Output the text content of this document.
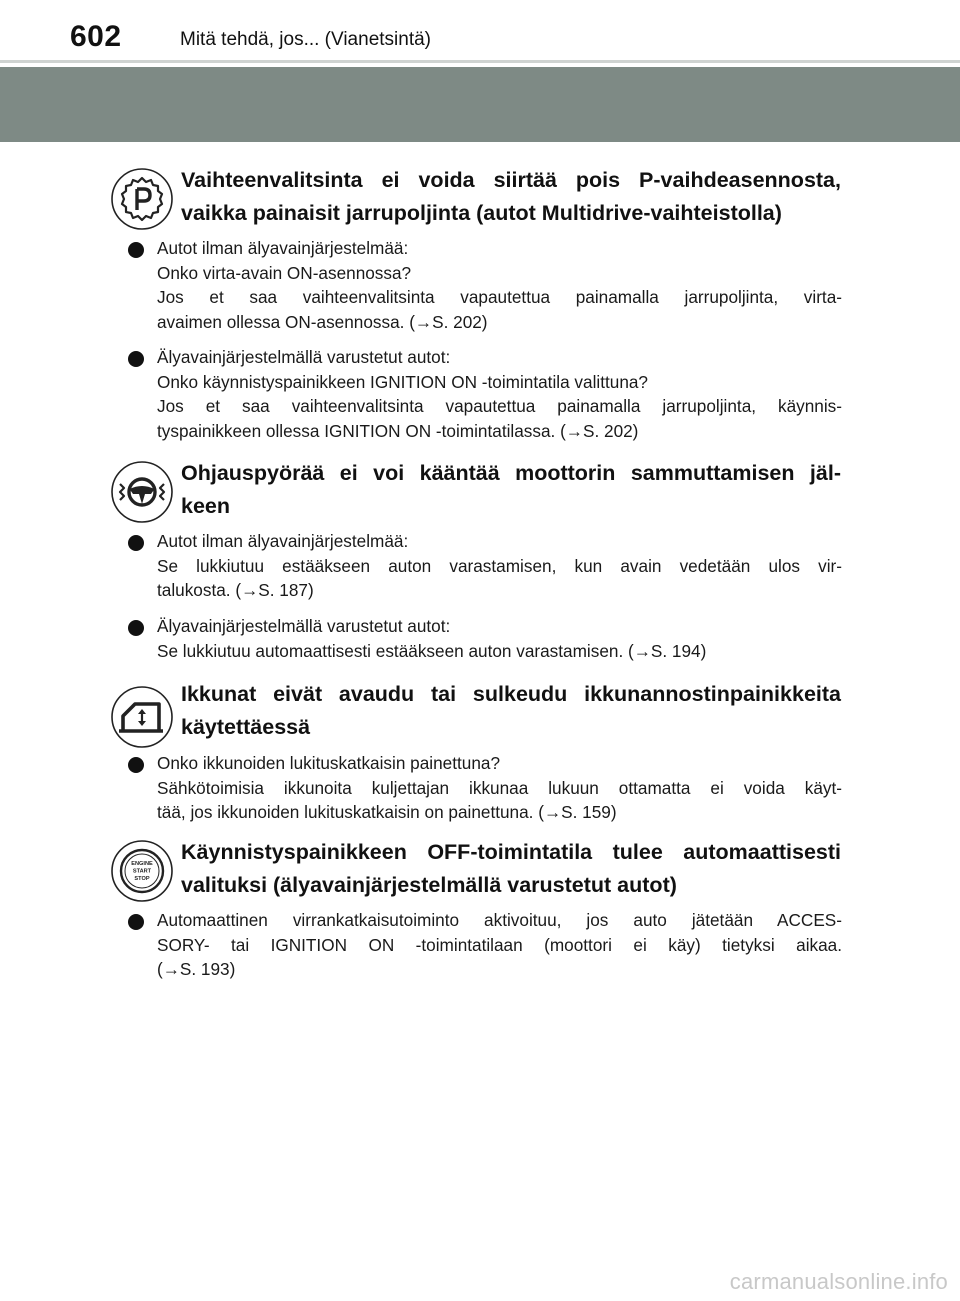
602	Mitä tehdä, jos... (Vianetsintä)
Vaihteenvalitsinta ei voida siirtää pois P-vaihdeasennosta, vaikka painaisit jarrupoljinta (autot Multidrive-vaihteistolla)
Autot ilman älyavainjärjestelmää:
Onko virta-avain ON-asennossa?
Jos et saa vaihteenvalitsinta vapautettua painamalla jarrupoljinta, virta-
avaimen ollessa ON-asennossa. (→S. 202)
Älyavainjärjestelmällä varustetut autot:
Onko käynnistyspainikkeen IGNITION ON -toimintatila valittuna?
Jos et saa vaihteenvalitsinta vapautettua painamalla jarrupoljinta, käynnis-
tyspainikkeen ollessa IGNITION ON -toimintatilassa. (→S. 202)
Ohjauspyörää ei voi kääntää moottorin sammuttamisen jäl-
keen
Autot ilman älyavainjärjestelmää:
Se lukkiutuu estääkseen auton varastamisen, kun avain vedetään ulos vir-
talukosta. (→S. 187)
Älyavainjärjestelmällä varustetut autot:
Se lukkiutuu automaattisesti estääkseen auton varastamisen. (→S. 194)
Ikkunat eivät avaudu tai sulkeudu ikkunannostinpainikkeita käytettäessä
Onko ikkunoiden lukituskatkaisin painettuna?
Sähkötoimisia ikkunoita kuljettajan ikkunaa lukuun ottamatta ei voida käyt-
tää, jos ikkunoiden lukituskatkaisin on painettuna. (→S. 159)
ENGINE
START
STOP
Käynnistyspainikkeen OFF-toimintatila tulee automaattisesti valituksi (älyavainjärjestelmällä varustetut autot)
Automaattinen virrankatkaisutoiminto aktivoituu, jos auto jätetään ACCES-
SORY- tai IGNITION ON -toimintatilaan (moottori ei käy) tietyksi aikaa.
(→S. 193)
carmanualsonline.info
